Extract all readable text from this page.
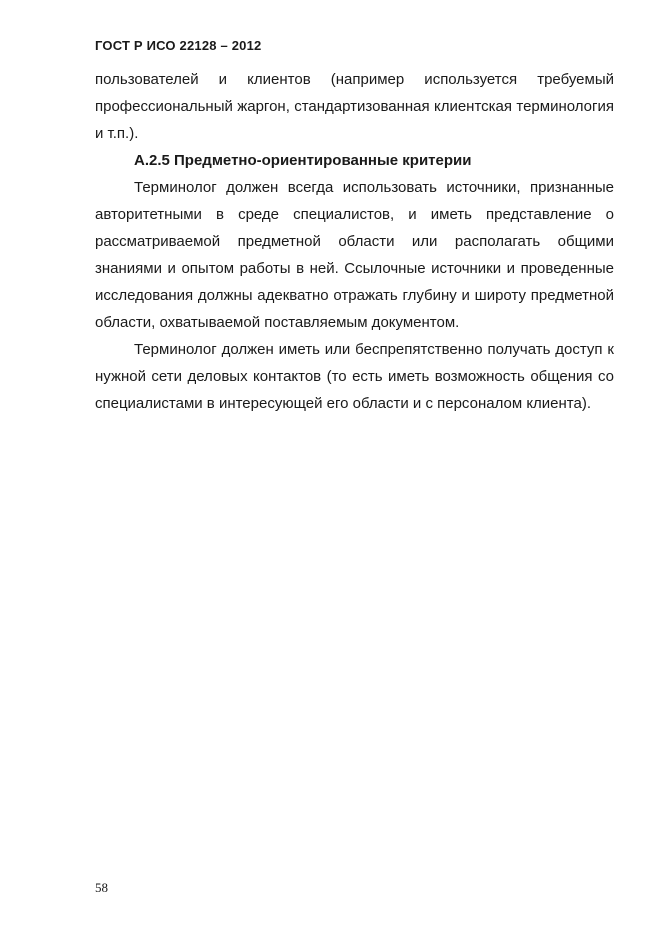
ГОСТ Р ИСО 22128 – 2012

пользователей и клиентов (например используется требуемый профессиональный жаргон, стандартизованная клиентская терминология и т.п.).

А.2.5 Предметно-ориентированные критерии

Терминолог должен всегда использовать источники, признанные авторитетными в среде специалистов, и иметь представление о рассматриваемой предметной области или располагать общими знаниями и опытом работы в ней. Ссылочные источники и проведенные исследования должны адекватно отражать глубину и широту предметной области, охватываемой поставляемым документом.

Терминолог должен иметь или беспрепятственно получать доступ к нужной сети деловых контактов (то есть иметь возможность общения со специалистами в интересующей его области и с персоналом клиента).

58
